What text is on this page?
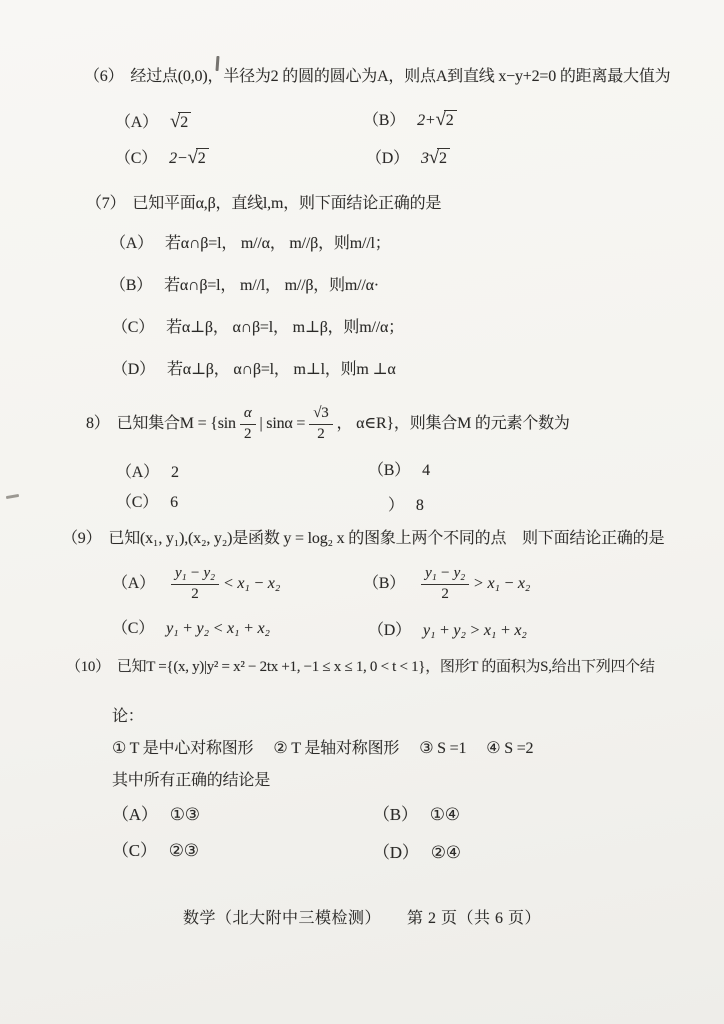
（6） 经过点(0,0)，半径为2 的圆的圆心为A，则点A到直线 x−y+2=0 的距离最大值为
（A） √ 2	（B） 2+ √ 2
（C） 2− √ 2	（D） 3 √ 2
（7） 已知平面α,β，直线l,m，则下面结论正确的是
（A） 若α∩β=l， m//α， m//β，则m//l；
（B） 若α∩β=l， m//l， m//β，则m//α·
（C） 若α⊥β， α∩β=l， m⊥β，则m//α；
（D） 若α⊥β， α∩β=l， m⊥l，则m ⊥α
8） 已知集合$M = \{\sin \frac{\alpha}{2}$ | $\sin\alpha = \frac{√3}{2}$ ， α∈R}，则集合M 的元素个数为
（A） 2	（B） 4
（C） 6	） 8
（9） 已知(x₁, y₁),(x₂, y₂)是函数 y = log₂ x 的图象上两个不同的点　则下面结论正确的是
$(A) \frac{\text{y₁ − y₂}}{2} < x_1 - x_2$	$(B) \frac{\text{y₁ − y₂}}{2} > x_1 - x_2$
（C） y₁ + y₂ < x₁ + x₂	（D） y₁ + y₂ > x₁ + x₂
（10） 已知T ={(x, y)|y² = x² − 2tx +1, −1 ≤ x ≤ 1, 0 < t < 1}，图形T 的面积为S,给出下列四个结
论：
① T 是中心对称图形 ② T 是轴对称图形 ③ S =1 ④ S =2
其中所有正确的结论是
（A） ①③	（B） ①④
（C） ②③	（D） ②④
数学（北大附中三模检测） 第 2 页（共 6 页）
